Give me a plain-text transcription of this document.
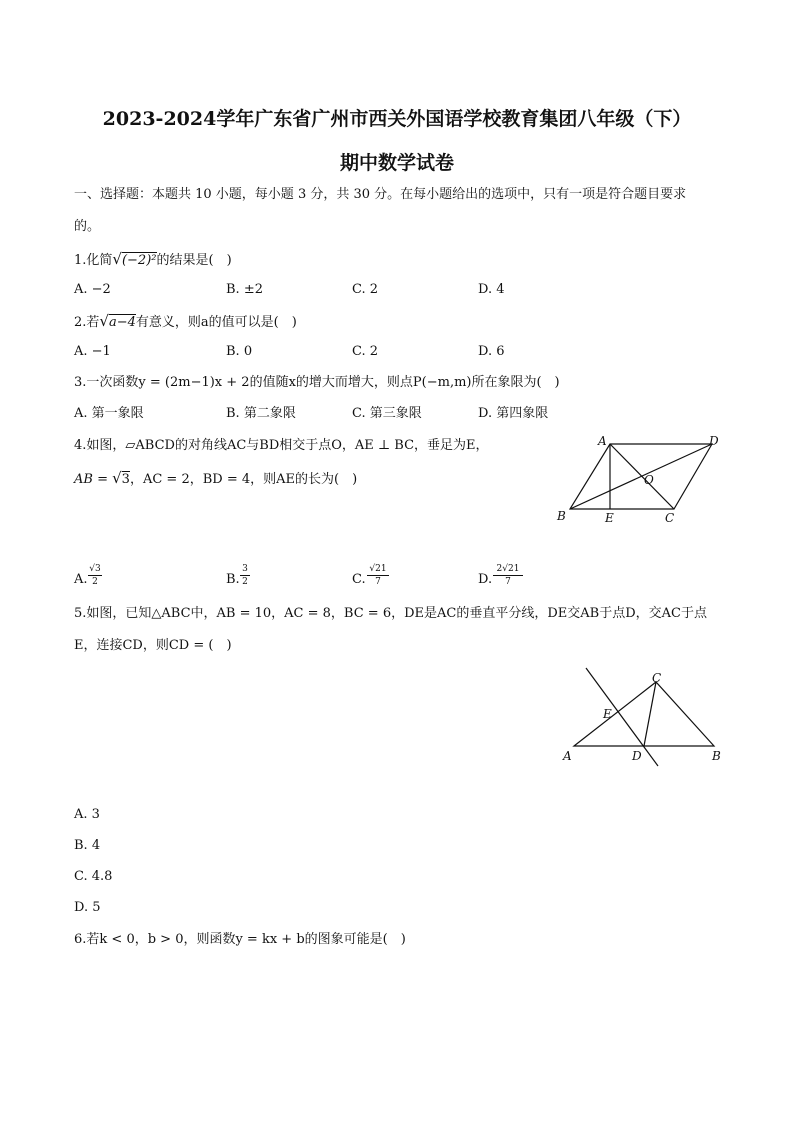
2023-2024学年广东省广州市西关外国语学校教育集团八年级（下）
期中数学试卷
一、选择题：本题共 10 小题，每小题 3 分，共 30 分。在每小题给出的选项中，只有一项是符合题目要求
的。
1.化简√(−2)²的结果是(　)
A. −2	B. ±2	C. 2	D. 4
2.若√a−4有意义，则a的值可以是(　)
A. −1	B. 0	C. 2	D. 6
3.一次函数y = (2m−1)x + 2的值随x的增大而增大，则点P(−m,m)所在象限为(　)
A. 第一象限	B. 第二象限	C. 第三象限	D. 第四象限
4.如图，▱ABCD的对角线AC与BD相交于点O，AE ⊥ BC，垂足为E，
AB = √3，AC = 2，BD = 4，则AE的长为(　)
A	D
B	E	C
O
A.
√3
2	B.
3
2	C.
√21
7	D.
2√21
7
5.如图，已知△ABC中，AB = 10，AC = 8，BC = 6，DE是AC的垂直平分线，DE交AB于点D，交AC于点
E，连接CD，则CD = (　)
C
E
A	D	B
A. 3
B. 4
C. 4.8
D. 5
6.若k < 0，b > 0，则函数y = kx + b的图象可能是(　)
